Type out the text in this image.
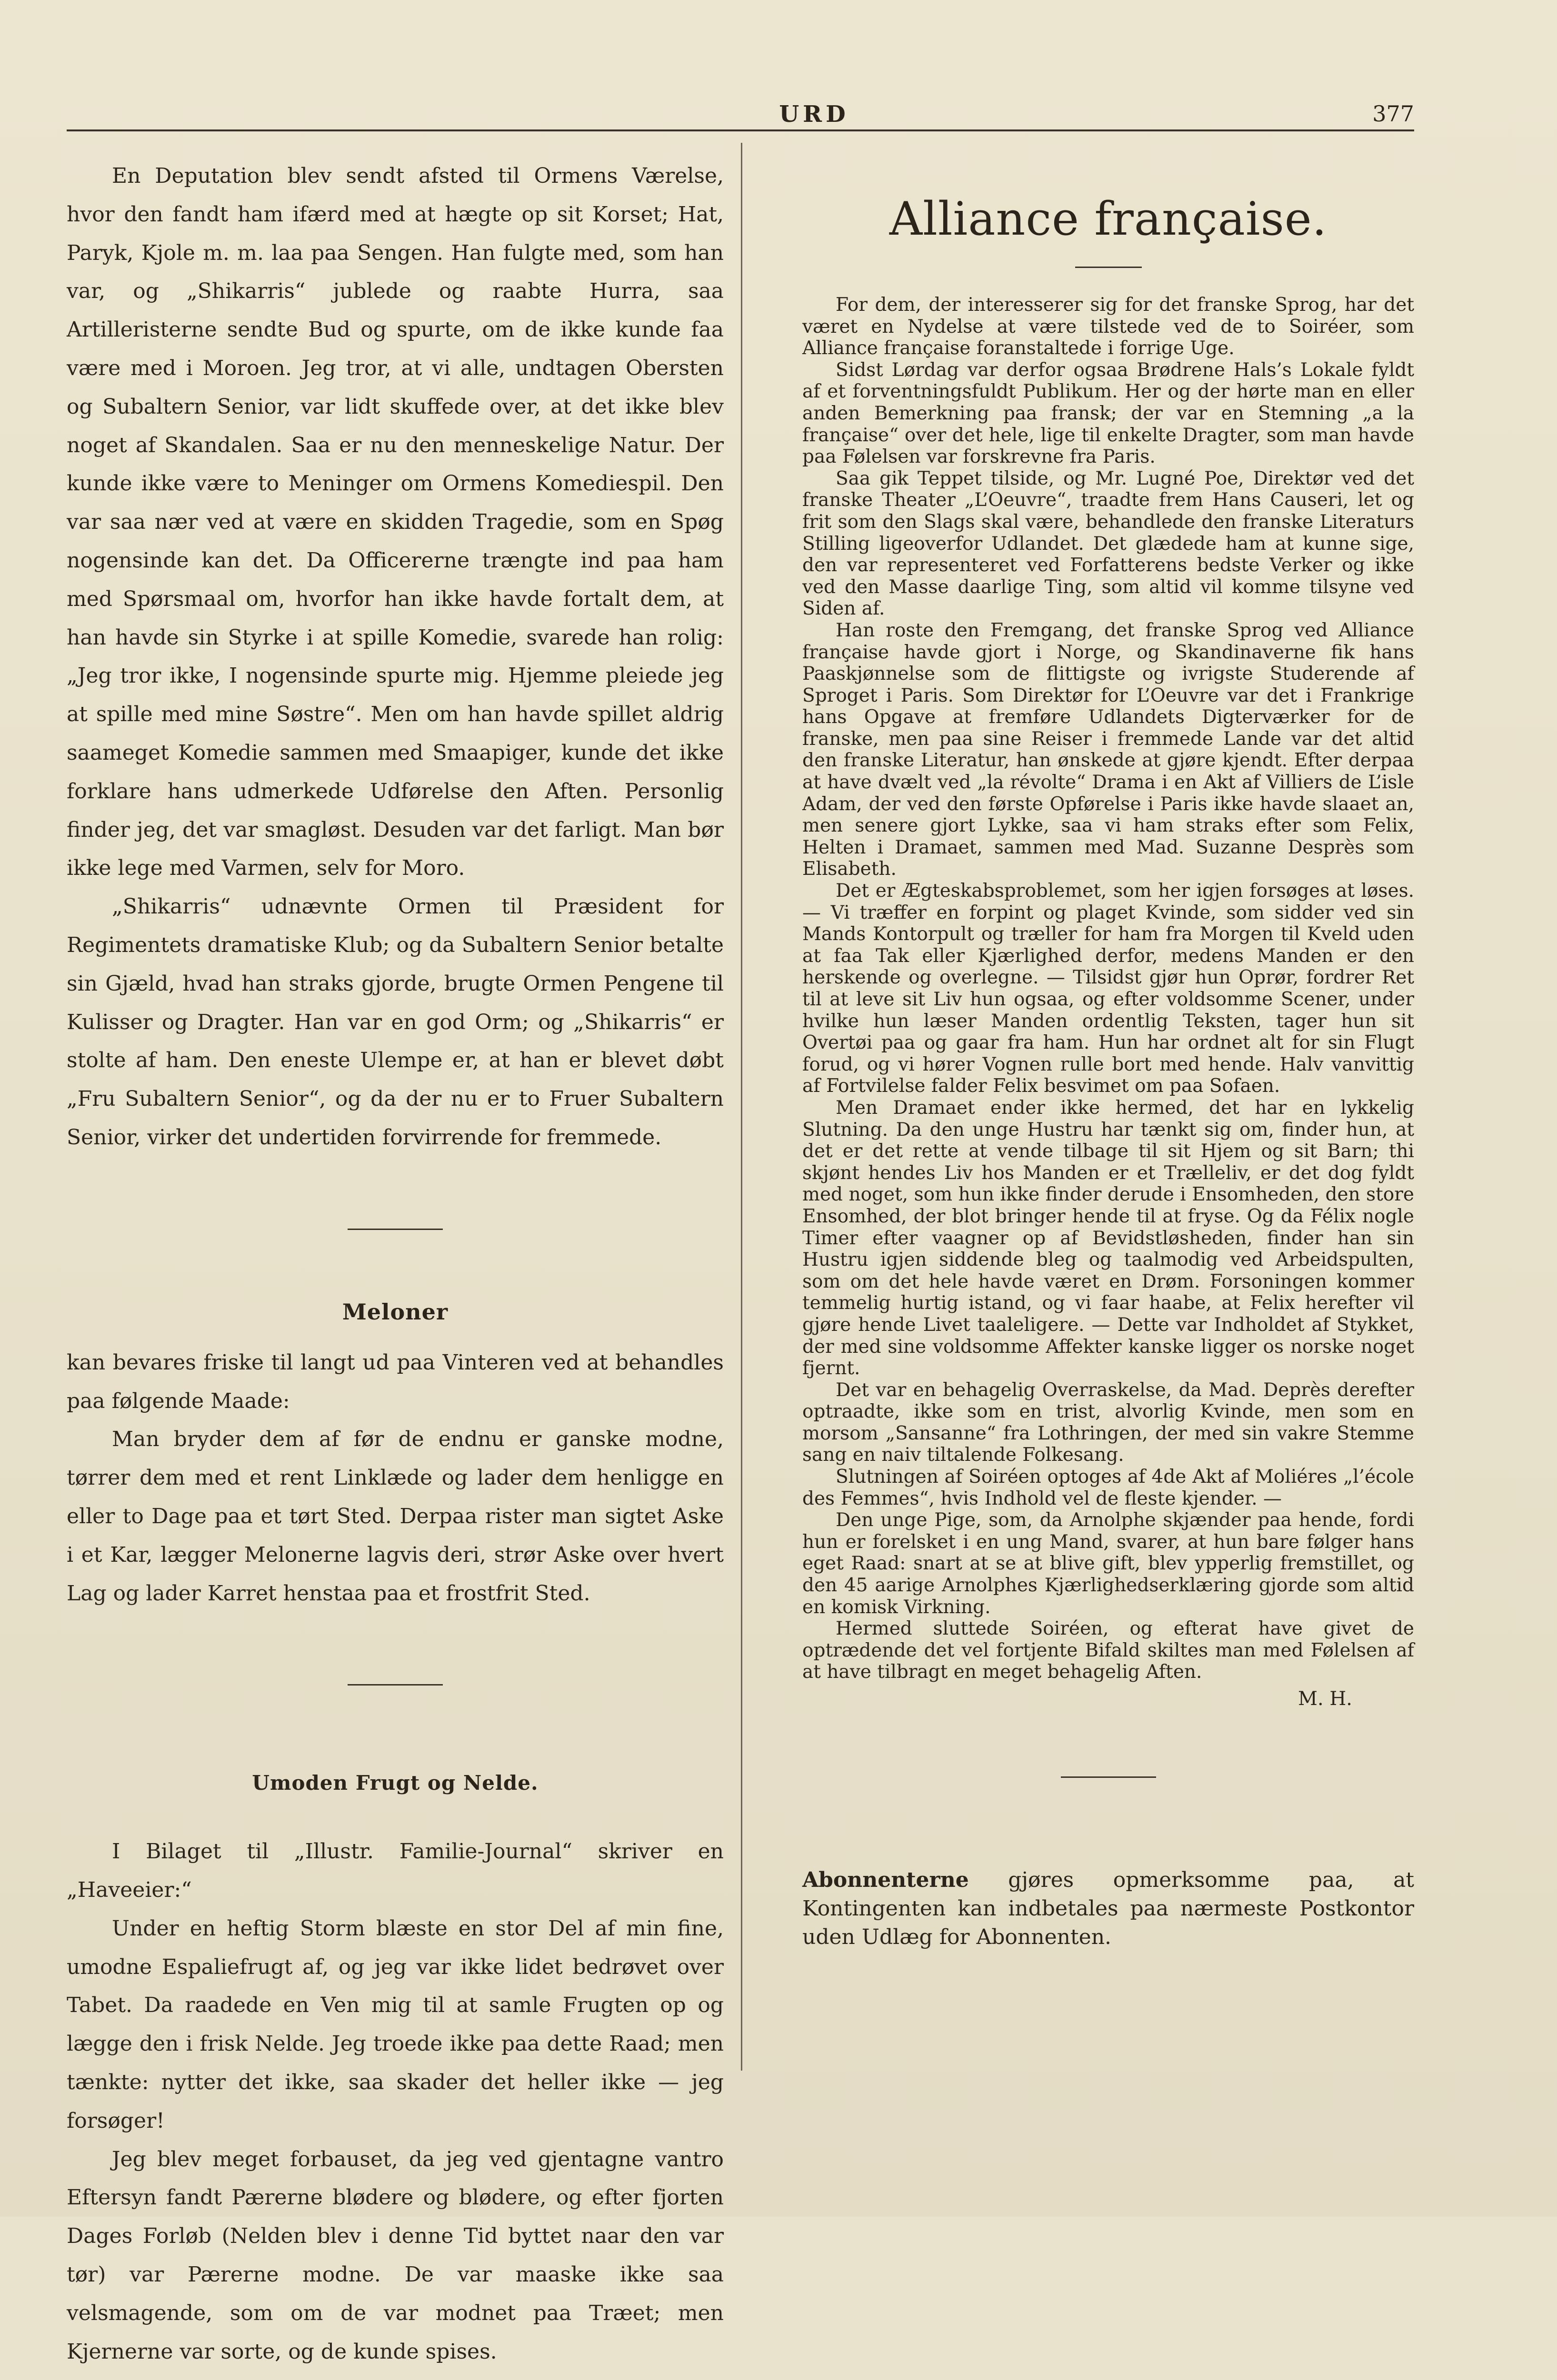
URD	377

En Deputation blev sendt afsted til Ormens Værelse, hvor den fandt ham ifærd med at hægte op sit Korset; Hat, Paryk, Kjole m. m. laa paa Sengen. Han fulgte med, som han var, og „Shikarris“ jublede og raabte Hurra, saa Artilleristerne sendte Bud og spurte, om de ikke kunde faa være med i Moroen. Jeg tror, at vi alle, undtagen Obersten og Subaltern Senior, var lidt skuffede over, at det ikke blev noget af Skandalen. Saa er nu den menneskelige Natur. Der kunde ikke være to Meninger om Ormens Komediespil. Den var saa nær ved at være en skidden Tragedie, som en Spøg nogensinde kan det. Da Officererne trængte ind paa ham med Spørsmaal om, hvorfor han ikke havde fortalt dem, at han havde sin Styrke i at spille Komedie, svarede han rolig: „Jeg tror ikke, I nogensinde spurte mig. Hjemme pleiede jeg at spille med mine Søstre“. Men om han havde spillet aldrig saameget Komedie sammen med Smaapiger, kunde det ikke forklare hans udmerkede Udførelse den Aften. Personlig finder jeg, det var smagløst. Desuden var det farligt. Man bør ikke lege med Varmen, selv for Moro.

„Shikarris“ udnævnte Ormen til Præsident for Regimentets dramatiske Klub; og da Subaltern Senior betalte sin Gjæld, hvad han straks gjorde, brugte Ormen Pengene til Kulisser og Dragter. Han var en god Orm; og „Shikarris“ er stolte af ham. Den eneste Ulempe er, at han er blevet døbt „Fru Subaltern Senior“, og da der nu er to Fruer Subaltern Senior, virker det undertiden forvirrende for fremmede.

Meloner

kan bevares friske til langt ud paa Vinteren ved at behandles paa følgende Maade:

Man bryder dem af før de endnu er ganske modne, tørrer dem med et rent Linklæde og lader dem henligge en eller to Dage paa et tørt Sted. Derpaa rister man sigtet Aske i et Kar, lægger Melonerne lagvis deri, strør Aske over hvert Lag og lader Karret henstaa paa et frostfrit Sted.

Umoden Frugt og Nelde.

I Bilaget til „Illustr. Familie-Journal“ skriver en „Haveeier:“

Under en heftig Storm blæste en stor Del af min fine, umodne Espaliefrugt af, og jeg var ikke lidet bedrøvet over Tabet. Da raadede en Ven mig til at samle Frugten op og lægge den i frisk Nelde. Jeg troede ikke paa dette Raad; men tænkte: nytter det ikke, saa skader det heller ikke — jeg forsøger!

Jeg blev meget forbauset, da jeg ved gjentagne vantro Eftersyn fandt Pærerne blødere og blødere, og efter fjorten Dages Forløb (Nelden blev i denne Tid byttet naar den var tør) var Pærerne modne. De var maaske ikke saa velsmagende, som om de var modnet paa Træet; men Kjernerne var sorte, og de kunde spises.

Alliance française.

For dem, der interesserer sig for det franske Sprog, har det været en Nydelse at være tilstede ved de to Soiréer, som Alliance française foranstaltede i forrige Uge.

Sidst Lørdag var derfor ogsaa Brødrene Hals’s Lokale fyldt af et forventningsfuldt Publikum. Her og der hørte man en eller anden Bemerkning paa fransk; der var en Stemning „a la française“ over det hele, lige til enkelte Dragter, som man havde paa Følelsen var forskrevne fra Paris.

Saa gik Teppet tilside, og Mr. Lugné Poe, Direktør ved det franske Theater „L’Oeuvre“, traadte frem Hans Causeri, let og frit som den Slags skal være, behandlede den franske Literaturs Stilling ligeoverfor Udlandet. Det glædede ham at kunne sige, den var representeret ved Forfatterens bedste Verker og ikke ved den Masse daarlige Ting, som altid vil komme tilsyne ved Siden af.

Han roste den Fremgang, det franske Sprog ved Alliance française havde gjort i Norge, og Skandinaverne fik hans Paaskjønnelse som de flittigste og ivrigste Studerende af Sproget i Paris. Som Direktør for L’Oeuvre var det i Frankrige hans Opgave at fremføre Udlandets Digterværker for de franske, men paa sine Reiser i fremmede Lande var det altid den franske Literatur, han ønskede at gjøre kjendt. Efter derpaa at have dvælt ved „la révolte“ Drama i en Akt af Villiers de L’isle Adam, der ved den første Opførelse i Paris ikke havde slaaet an, men senere gjort Lykke, saa vi ham straks efter som Felix, Helten i Dramaet, sammen med Mad. Suzanne Desprès som Elisabeth.

Det er Ægteskabsproblemet, som her igjen forsøges at løses. — Vi træffer en forpint og plaget Kvinde, som sidder ved sin Mands Kontorpult og træller for ham fra Morgen til Kveld uden at faa Tak eller Kjærlighed derfor, medens Manden er den herskende og overlegne. — Tilsidst gjør hun Oprør, fordrer Ret til at leve sit Liv hun ogsaa, og efter voldsomme Scener, under hvilke hun læser Manden ordentlig Teksten, tager hun sit Overtøi paa og gaar fra ham. Hun har ordnet alt for sin Flugt forud, og vi hører Vognen rulle bort med hende. Halv vanvittig af Fortvilelse falder Felix besvimet om paa Sofaen.

Men Dramaet ender ikke hermed, det har en lykkelig Slutning. Da den unge Hustru har tænkt sig om, finder hun, at det er det rette at vende tilbage til sit Hjem og sit Barn; thi skjønt hendes Liv hos Manden er et Trælleliv, er det dog fyldt med noget, som hun ikke finder derude i Ensomheden, den store Ensomhed, der blot bringer hende til at fryse. Og da Félix nogle Timer efter vaagner op af Bevidstløsheden, finder han sin Hustru igjen siddende bleg og taalmodig ved Arbeidspulten, som om det hele havde været en Drøm. Forsoningen kommer temmelig hurtig istand, og vi faar haabe, at Felix herefter vil gjøre hende Livet taaleligere. — Dette var Indholdet af Stykket, der med sine voldsomme Affekter kanske ligger os norske noget fjernt.

Det var en behagelig Overraskelse, da Mad. Deprès derefter optraadte, ikke som en trist, alvorlig Kvinde, men som en morsom „Sansanne“ fra Lothringen, der med sin vakre Stemme sang en naiv tiltalende Folkesang.

Slutningen af Soiréen optoges af 4de Akt af Moliéres „l’école des Femmes“, hvis Indhold vel de fleste kjender. —

Den unge Pige, som, da Arnolphe skjænder paa hende, fordi hun er forelsket i en ung Mand, svarer, at hun bare følger hans eget Raad: snart at se at blive gift, blev ypperlig fremstillet, og den 45 aarige Arnolphes Kjærlighedserklæring gjorde som altid en komisk Virkning.

Hermed sluttede Soiréen, og efterat have givet de optrædende det vel fortjente Bifald skiltes man med Følelsen af at have tilbragt en meget behagelig Aften.

M. H.

Abonnenterne gjøres opmerksomme paa, at Kontingenten kan indbetales paa nærmeste Postkontor uden Udlæg for Abonnenten.
